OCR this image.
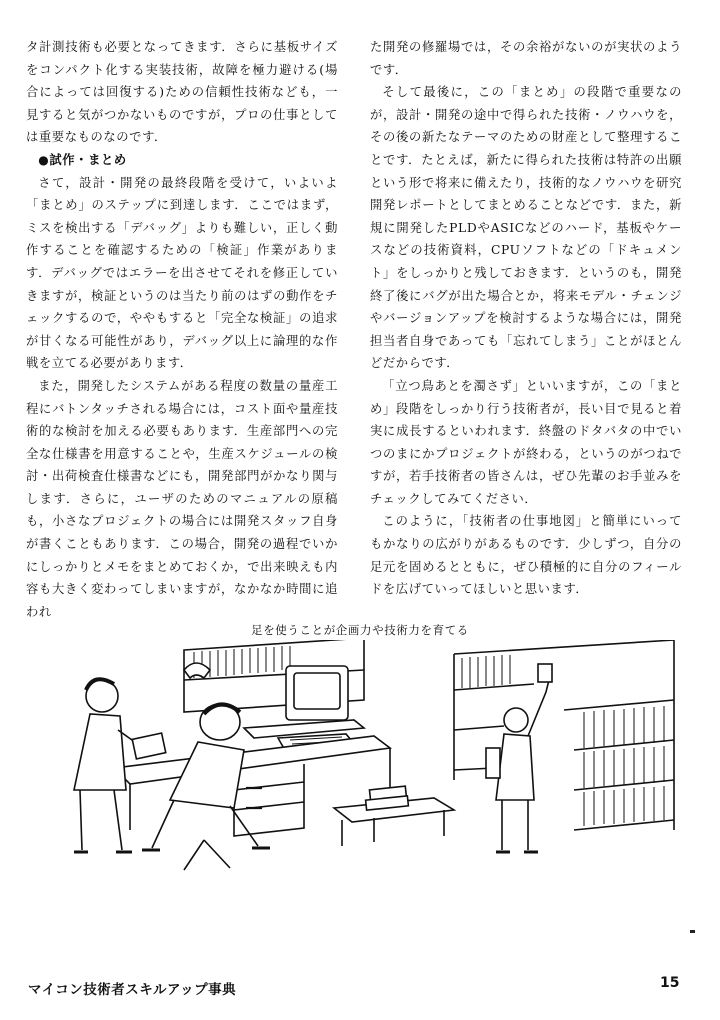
タ計測技術も必要となってきます．さらに基板サイズをコンパクト化する実装技術，故障を極力避ける(場合によっては回復する)ための信頼性技術なども，一見すると気がつかないものですが，プロの仕事としては重要なものなのです．

●試作・まとめ

さて，設計・開発の最終段階を受けて，いよいよ「まとめ」のステップに到達します．ここではまず，ミスを検出する「デバッグ」よりも難しい，正しく動作することを確認するための「検証」作業があります．デバッグではエラーを出させてそれを修正していきますが，検証というのは当たり前のはずの動作をチェックするので，ややもすると「完全な検証」の追求が甘くなる可能性があり，デバッグ以上に論理的な作戦を立てる必要があります．

また，開発したシステムがある程度の数量の量産工程にバトンタッチされる場合には，コスト面や量産技術的な検討を加える必要もあります．生産部門への完全な仕様書を用意することや，生産スケジュールの検討・出荷検査仕様書などにも，開発部門がかなり関与します．さらに，ユーザのためのマニュアルの原稿も，小さなプロジェクトの場合には開発スタッフ自身が書くこともあります．この場合，開発の過程でいかにしっかりとメモをまとめておくか，で出来映えも内容も大きく変わってしまいますが，なかなか時間に追われ

た開発の修羅場では，その余裕がないのが実状のようです．

そして最後に，この「まとめ」の段階で重要なのが，設計・開発の途中で得られた技術・ノウハウを，その後の新たなテーマのための財産として整理することです．たとえば，新たに得られた技術は特許の出願という形で将来に備えたり，技術的なノウハウを研究開発レポートとしてまとめることなどです．また，新規に開発したPLDやASICなどのハード，基板やケースなどの技術資料，CPUソフトなどの「ドキュメント」をしっかりと残しておきます．というのも，開発終了後にバグが出た場合とか，将来モデル・チェンジやバージョンアップを検討するような場合には，開発担当者自身であっても「忘れてしまう」ことがほとんどだからです．

「立つ鳥あとを濁さず」といいますが，この「まとめ」段階をしっかり行う技術者が，長い目で見ると着実に成長するといわれます．終盤のドタバタの中でいつのまにかプロジェクトが終わる，というのがつねですが，若手技術者の皆さんは，ぜひ先輩のお手並みをチェックしてみてください．

このように，「技術者の仕事地図」と簡単にいってもかなりの広がりがあるものです．少しずつ，自分の足元を固めるとともに，ぜひ積極的に自分のフィールドを広げていってほしいと思います．

足を使うことが企画力や技術力を育てる
マイコン技術者スキルアップ事典	15
